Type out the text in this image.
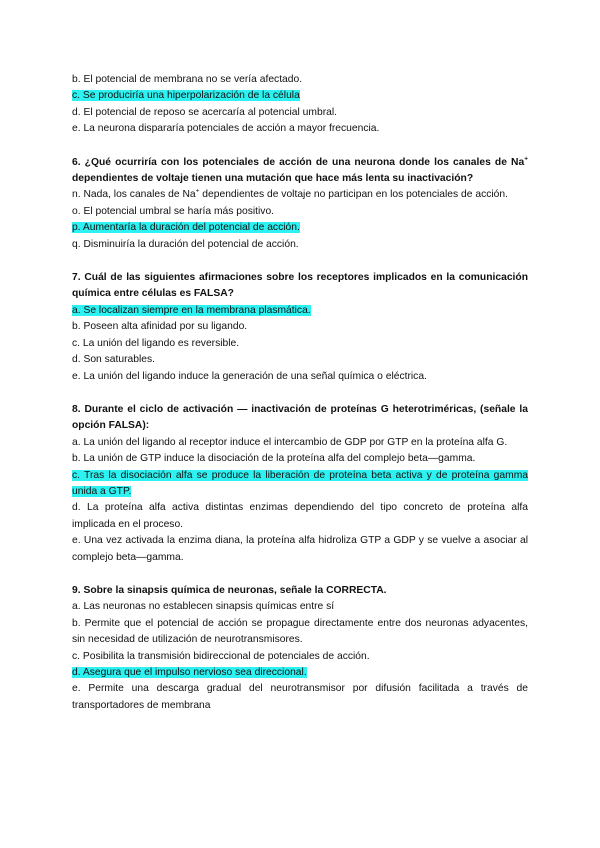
b. El potencial de membrana no se vería afectado.

c. Se produciría una hiperpolarización de la célula

d. El potencial de reposo se acercaría al potencial umbral.

e. La neurona dispararía potenciales de acción a mayor frecuencia.

6. ¿Qué ocurriría con los potenciales de acción de una neurona donde los canales de Na+ dependientes de voltaje tienen una mutación que hace más lenta su inactivación?

n. Nada, los canales de Na+ dependientes de voltaje no participan en los potenciales de acción.

o. El potencial umbral se haría más positivo.

p. Aumentaría la duración del potencial de acción.

q. Disminuiría la duración del potencial de acción.

7. Cuál de las siguientes afirmaciones sobre los receptores implicados en la comunicación química entre células es FALSA?

a. Se localizan siempre en la membrana plasmática.

b. Poseen alta afinidad por su ligando.

c. La unión del ligando es reversible.

d. Son saturables.

e. La unión del ligando induce la generación de una señal química o eléctrica.

8. Durante el ciclo de activación — inactivación de proteínas G heterotriméricas, (señale la opción FALSA):

a. La unión del ligando al receptor induce el intercambio de GDP por GTP en la proteína alfa G.

b. La unión de GTP induce la disociación de la proteína alfa del complejo beta—gamma.

c. Tras la disociación alfa se produce la liberación de proteína beta activa y de proteína gamma unida a GTP.

d. La proteína alfa activa distintas enzimas dependiendo del tipo concreto de proteína alfa implicada en el proceso.

e. Una vez activada la enzima diana, la proteína alfa hidroliza GTP a GDP y se vuelve a asociar al complejo beta—gamma.

9. Sobre la sinapsis química de neuronas, señale la CORRECTA.

a. Las neuronas no establecen sinapsis químicas entre sí

b. Permite que el potencial de acción se propague directamente entre dos neuronas adyacentes, sin necesidad de utilización de neurotransmisores.

c. Posibilita la transmisión bidireccional de potenciales de acción.

d. Asegura que el impulso nervioso sea direccional.

e. Permite una descarga gradual del neurotransmisor por difusión facilitada a través de transportadores de membrana
